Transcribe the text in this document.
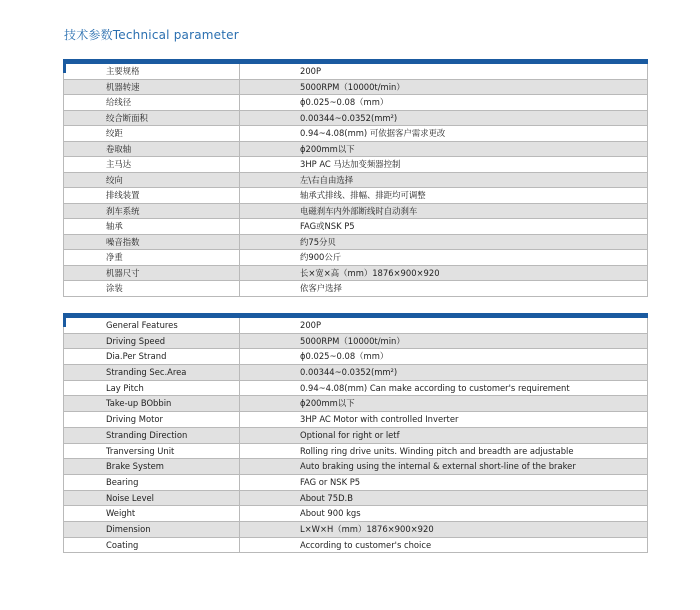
技术参数Technical parameter
主要规格	200P
机器转速	5000RPM（10000t/min）
给线径	ϕ0.025~0.08（mm）
绞合断面积	0.00344~0.0352(mm²)
绞距	0.94~4.08(mm) 可依据客户需求更改
卷取轴	ϕ200mm以下
主马达	3HP AC 马达加变频器控制
绞向	左\右自由选择
排线装置	轴承式排线、排幅、排距均可调整
刹车系统	电磁刹车内外部断线时自动刹车
轴承	FAG或NSK P5
噪音指数	约75分贝
净重	约900公斤
机器尺寸	长×宽×高（mm）1876×900×920
涂装	依客户选择
General Features	200P
Driving Speed	5000RPM（10000t/min）
Dia.Per Strand	ϕ0.025~0.08（mm）
Stranding Sec.Area	0.00344~0.0352(mm²)
Lay Pitch	0.94~4.08(mm) Can make according to customer's requirement
Take-up BObbin	ϕ200mm以下
Driving Motor	3HP AC Motor with controlled Inverter
Stranding Direction	Optional for right or letf
Tranversing Unit	Rolling ring drive units. Winding pitch and breadth are adjustable
Brake System	Auto braking using the internal & external short-line of the braker
Bearing	FAG or NSK P5
Noise Level	About 75D.B
Weight	About 900 kgs
Dimension	L×W×H（mm）1876×900×920
Coating	According to customer's choice
